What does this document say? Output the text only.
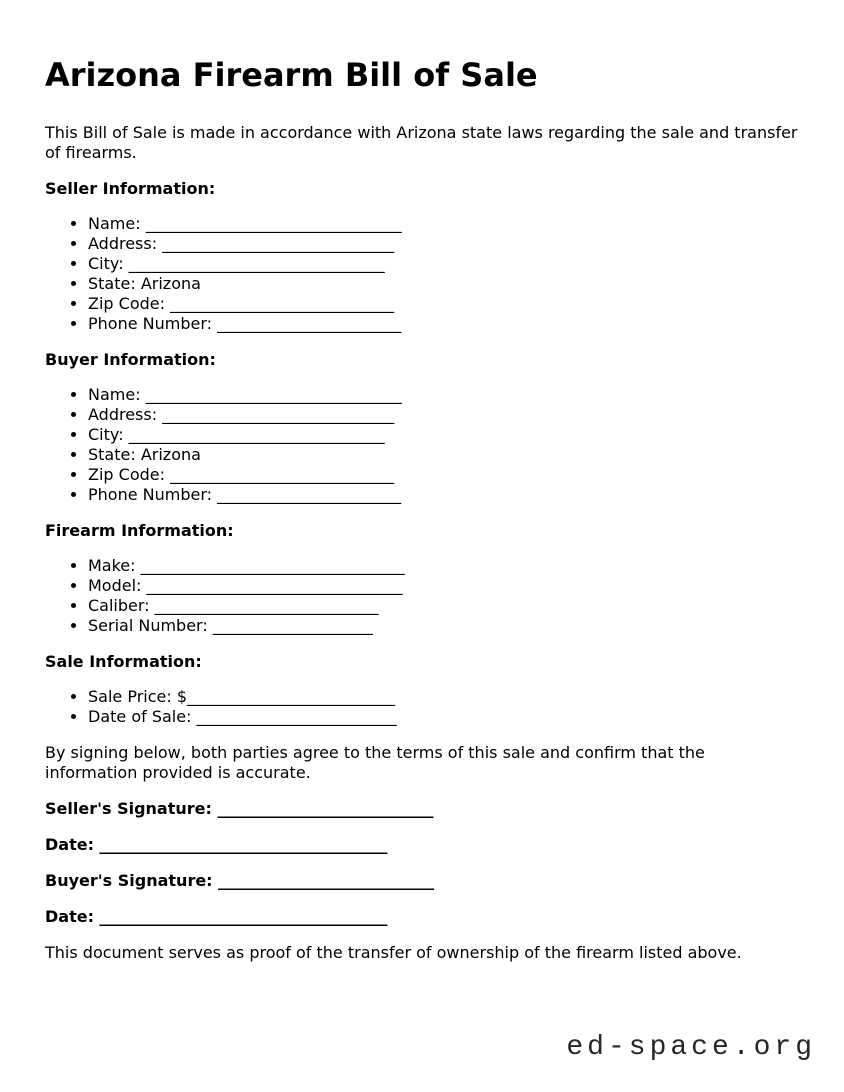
Arizona Firearm Bill of Sale

This Bill of Sale is made in accordance with Arizona state laws regarding the sale and transfer of firearms.

Seller Information:

• Name: ________________________________
• Address: _____________________________
• City: ________________________________
• State: Arizona
• Zip Code: ____________________________
• Phone Number: _______________________

Buyer Information:

• Name: ________________________________
• Address: _____________________________
• City: ________________________________
• State: Arizona
• Zip Code: ____________________________
• Phone Number: _______________________

Firearm Information:

• Make: _________________________________
• Model: ________________________________
• Caliber: ____________________________
• Serial Number: ____________________

Sale Information:

• Sale Price: $__________________________
• Date of Sale: _________________________

By signing below, both parties agree to the terms of this sale and confirm that the information provided is accurate.

Seller's Signature: ___________________________

Date: ____________________________________

Buyer's Signature: ___________________________

Date: ____________________________________

This document serves as proof of the transfer of ownership of the firearm listed above.

ed-space.org
